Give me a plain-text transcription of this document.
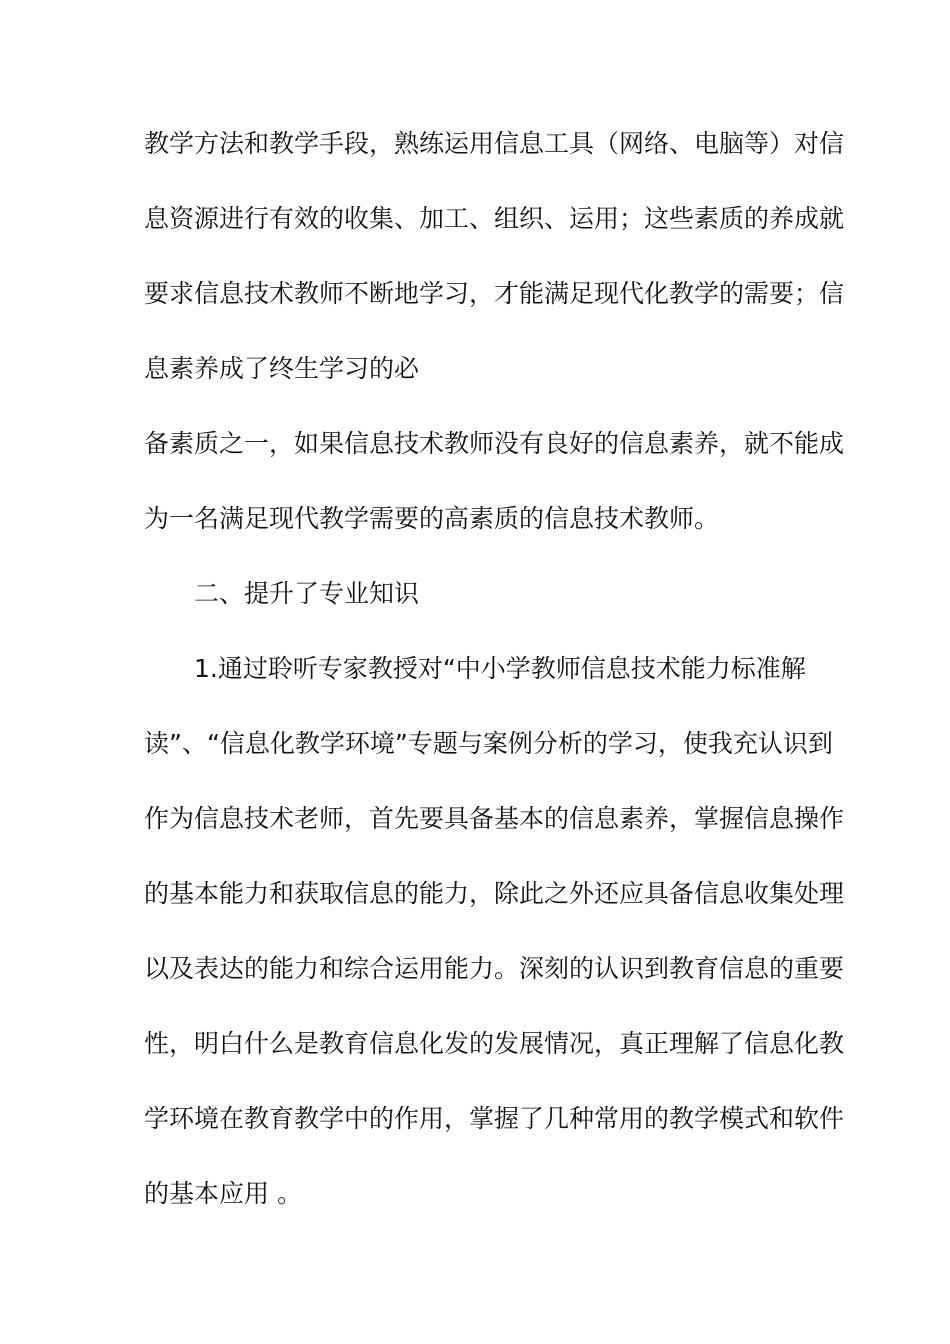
教学方法和教学手段，熟练运用信息工具（网络、电脑等）对信
息资源进行有效的收集、加工、组织、运用；这些素质的养成就
要求信息技术教师不断地学习，才能满足现代化教学的需要；信
息素养成了终生学习的必
备素质之一，如果信息技术教师没有良好的信息素养，就不能成
为一名满足现代教学需要的高素质的信息技术教师。
二、提升了专业知识
1.通过聆听专家教授对“中小学教师信息技术能力标准解
读”、“信息化教学环境”专题与案例分析的学习，使我充认识到
作为信息技术老师，首先要具备基本的信息素养，掌握信息操作
的基本能力和获取信息的能力，除此之外还应具备信息收集处理
以及表达的能力和综合运用能力。深刻的认识到教育信息的重要
性，明白什么是教育信息化发的发展情况，真正理解了信息化教
学环境在教育教学中的作用，掌握了几种常用的教学模式和软件
的基本应用 。
